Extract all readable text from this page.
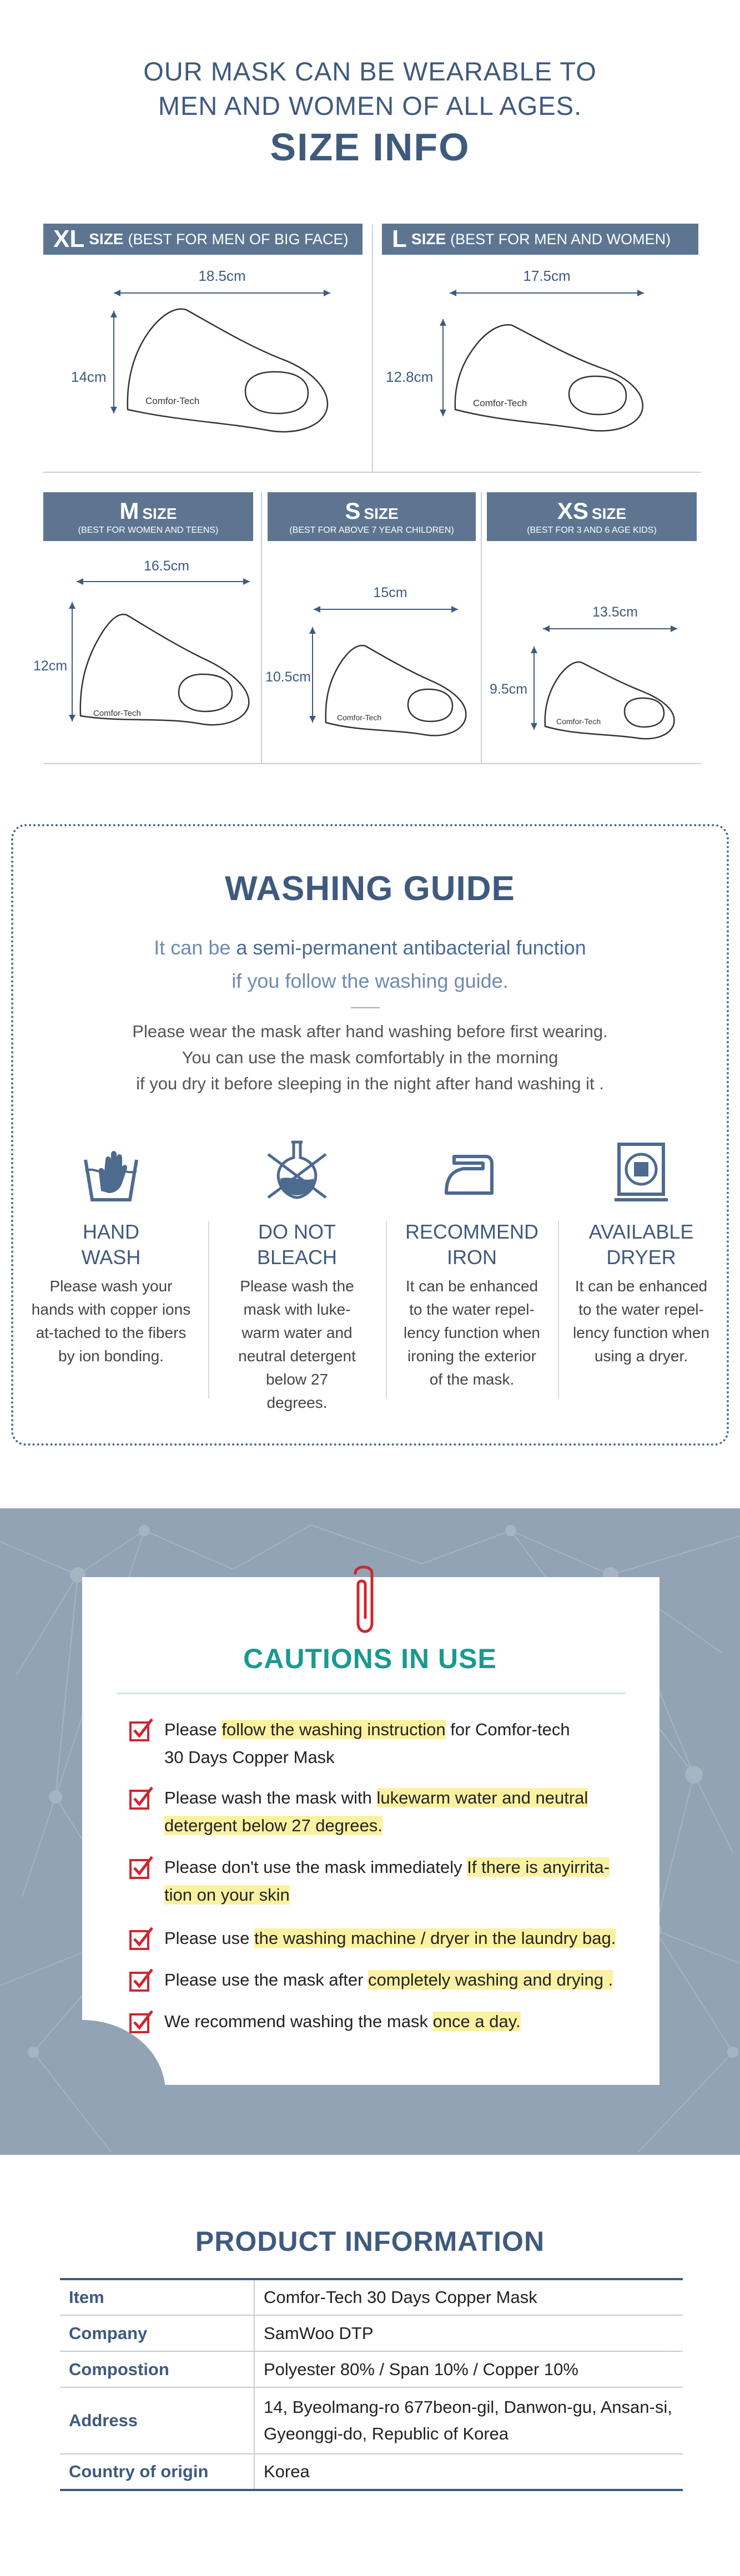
OUR MASK CAN BE WEARABLE TO
MEN AND WOMEN OF ALL AGES.
SIZE INFO
XL SIZE (BEST FOR MEN OF BIG FACE) L SIZE (BEST FOR MEN AND WOMEN)
18.5cm
14cm
Comfor-Tech
17.5cm
12.8cm
Comfor-Tech
MSIZE
(BEST FOR WOMEN AND TEENS)
SSIZE
(BEST FOR ABOVE 7 YEAR CHILDREN)
XS SIZE
(BEST FOR 3 AND 6 AGE KIDS)
16.5cm
12cm
Comfor-Tech
15cm
10.5cm
Comfor-Tech
13.5cm
9.5cm
Comfor-Tech
WASHING GUIDE
It can be a semi-permanent antibacterial function
if you follow the washing guide.
Please wear the mask after hand washing before first wearing.
You can use the mask comfortably in the morning
if you dry it before sleeping in the night after hand washing it .
HAND
WASH
Please wash your hands with copper ions at-tached to the fibers by ion bonding.
DO NOT
BLEACH
Please wash the mask with luke-warm water and neutral detergent below 27 degrees.
RECOMMEND
IRON
It can be enhanced to the water repel-lency function when ironing the exterior of the mask.
AVAILABLE
DRYER
It can be enhanced to the water repel-lency function when using a dryer.
CAUTIONS IN USE
Please follow the washing instruction for Comfor-tech
30 Days Copper Mask
Please wash the mask with lukewarm water and neutral
detergent below 27 degrees.
Please don't use the mask immediately If there is anyirrita-
tion on your skin
Please use the washing machine / dryer in the laundry bag.
Please use the mask after completely washing and drying .
We recommend washing the mask once a day.
PRODUCT INFORMATION
Item	Comfor-Tech 30 Days Copper Mask
Company	SamWoo DTP
Compostion	Polyester 80% / Span 10% / Copper 10%
Address	14, Byeolmang-ro 677beon-gil, Danwon-gu, Ansan-si, Gyeonggi-do, Republic of Korea
Country of origin	Korea
